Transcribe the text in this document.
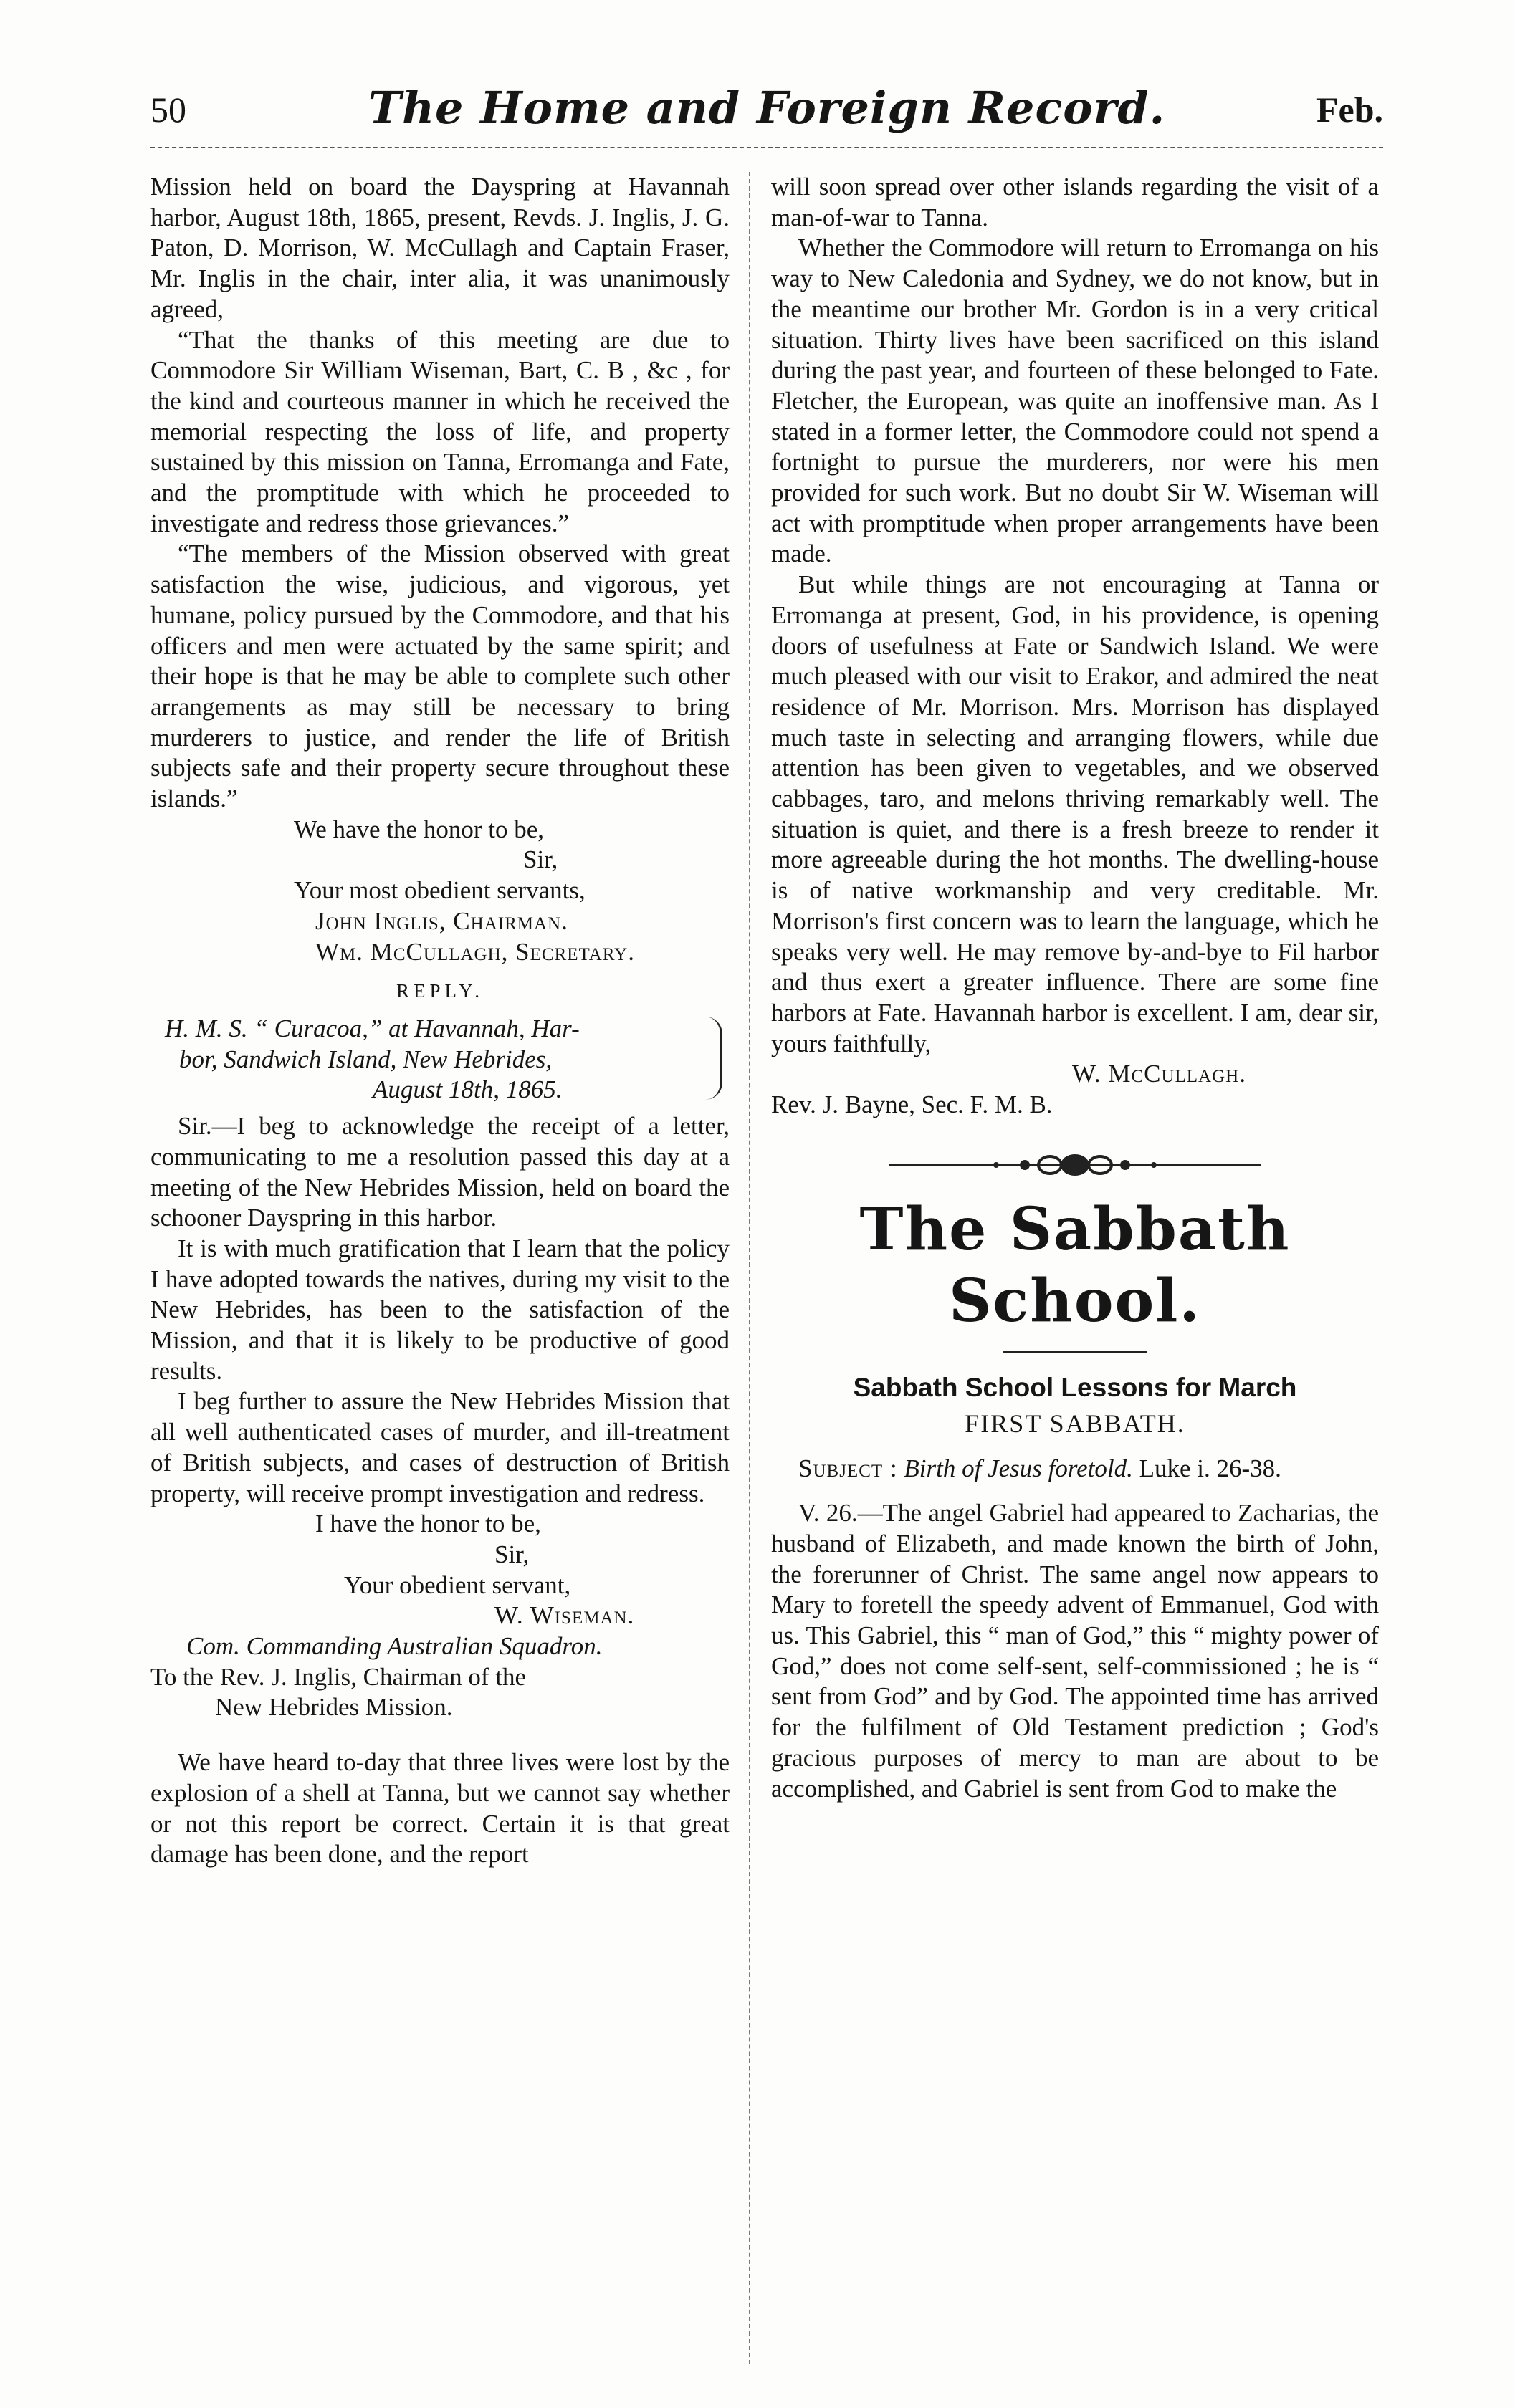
50	The Home and Foreign Record.	Feb.

Mission held on board the Dayspring at Havannah harbor, August 18th, 1865, present, Revds. J. Inglis, J. G. Paton, D. Morrison, W. McCullagh and Captain Fraser, Mr. Inglis in the chair, inter alia, it was unanimously agreed,

“That the thanks of this meeting are due to Commodore Sir William Wiseman, Bart, C. B , &c , for the kind and courteous manner in which he received the memorial respecting the loss of life, and property sustained by this mission on Tanna, Erromanga and Fate, and the promptitude with which he proceeded to investigate and redress those grievances.”

“The members of the Mission observed with great satisfaction the wise, judicious, and vigorous, yet humane, policy pursued by the Commodore, and that his officers and men were actuated by the same spirit; and their hope is that he may be able to complete such other arrangements as may still be necessary to bring murderers to justice, and render the life of British subjects safe and their property secure throughout these islands.”

We have the honor to be,
Sir,
Your most obedient servants,
John Inglis, Chairman.
Wm. McCullagh, Secretary.
REPLY.
H. M. S. “ Curacoa,” at Havannah, Har-
bor, Sandwich Island, New Hebrides,
August 18th, 1865.

Sir.—I beg to acknowledge the receipt of a letter, communicating to me a resolution passed this day at a meeting of the New Hebrides Mission, held on board the schooner Dayspring in this harbor.

It is with much gratification that I learn that the policy I have adopted towards the natives, during my visit to the New Hebrides, has been to the satisfaction of the Mission, and that it is likely to be productive of good results.

I beg further to assure the New Hebrides Mission that all well authenticated cases of murder, and ill-treatment of British subjects, and cases of destruction of British property, will receive prompt investigation and redress.

I have the honor to be,
Sir,
Your obedient servant,
W. Wiseman.
Com. Commanding Australian Squadron.
To the Rev. J. Inglis, Chairman of the
New Hebrides Mission.

We have heard to-day that three lives were lost by the explosion of a shell at Tanna, but we cannot say whether or not this report be correct. Certain it is that great damage has been done, and the report

will soon spread over other islands regarding the visit of a man-of-war to Tanna.

Whether the Commodore will return to Erromanga on his way to New Caledonia and Sydney, we do not know, but in the meantime our brother Mr. Gordon is in a very critical situation. Thirty lives have been sacrificed on this island during the past year, and fourteen of these belonged to Fate. Fletcher, the European, was quite an inoffensive man. As I stated in a former letter, the Commodore could not spend a fortnight to pursue the murderers, nor were his men provided for such work. But no doubt Sir W. Wiseman will act with promptitude when proper arrangements have been made.

But while things are not encouraging at Tanna or Erromanga at present, God, in his providence, is opening doors of usefulness at Fate or Sandwich Island. We were much pleased with our visit to Erakor, and admired the neat residence of Mr. Morrison. Mrs. Morrison has displayed much taste in selecting and arranging flowers, while due attention has been given to vegetables, and we observed cabbages, taro, and melons thriving remarkably well. The situation is quiet, and there is a fresh breeze to render it more agreeable during the hot months. The dwelling-house is of native workmanship and very creditable. Mr. Morrison's first concern was to learn the language, which he speaks very well. He may remove by-and-bye to Fil harbor and thus exert a greater influence. There are some fine harbors at Fate. Havannah harbor is excellent. I am, dear sir, yours faithfully,

W. McCullagh.
Rev. J. Bayne, Sec. F. M. B.
The Sabbath School.
Sabbath School Lessons for March
FIRST SABBATH.

Subject : Birth of Jesus foretold. Luke i. 26-38.

V. 26.—The angel Gabriel had appeared to Zacharias, the husband of Elizabeth, and made known the birth of John, the forerunner of Christ. The same angel now appears to Mary to foretell the speedy advent of Emmanuel, God with us. This Gabriel, this “ man of God,” this “ mighty power of God,” does not come self-sent, self-commissioned ; he is “ sent from God” and by God. The appointed time has arrived for the fulfilment of Old Testament prediction ; God's gracious purposes of mercy to man are about to be accomplished, and Gabriel is sent from God to make the
